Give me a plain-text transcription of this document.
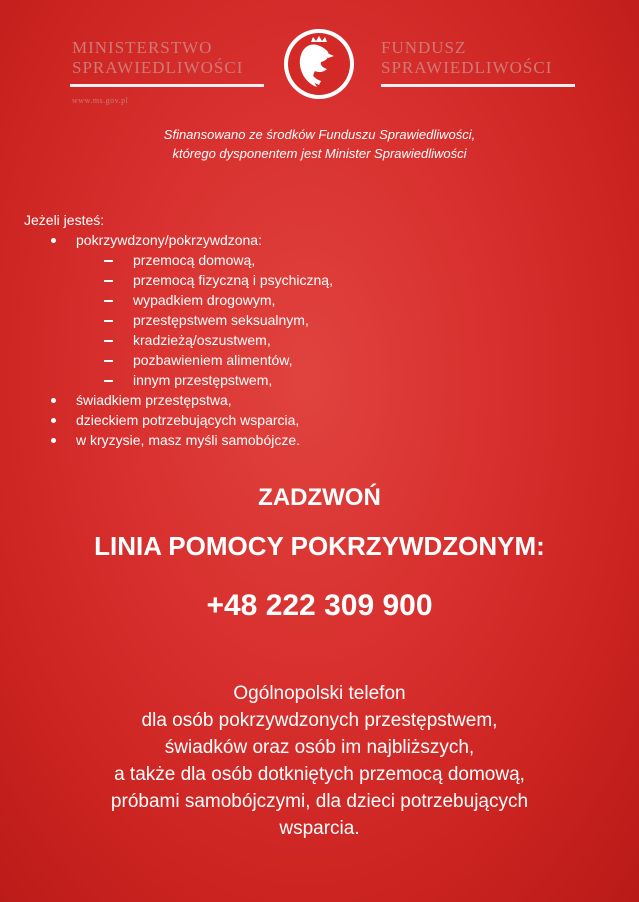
MINISTERSTWO
SPRAWIEDLIWOŚCI
www.ms.gov.pl
FUNDUSZ
SPRAWIEDLIWOŚCI
Sfinansowano ze środków Funduszu Sprawiedliwości,
którego dysponentem jest Minister Sprawiedliwości
Jeżeli jesteś:
pokrzywdzony/pokrzywdzona:
przemocą domową,
przemocą fizyczną i psychiczną,
wypadkiem drogowym,
przestępstwem seksualnym,
kradzieżą/oszustwem,
pozbawieniem alimentów,
innym przestępstwem,
świadkiem przestępstwa,
dzieckiem potrzebujących wsparcia,
w kryzysie, masz myśli samobójcze.
ZADZWOŃ
LINIA POMOCY POKRZYWDZONYM:
+48 222 309 900
Ogólnopolski telefon
dla osób pokrzywdzonych przestępstwem,
świadków oraz osób im najbliższych,
a także dla osób dotkniętych przemocą domową,
próbami samobójczymi, dla dzieci potrzebujących
wsparcia.
